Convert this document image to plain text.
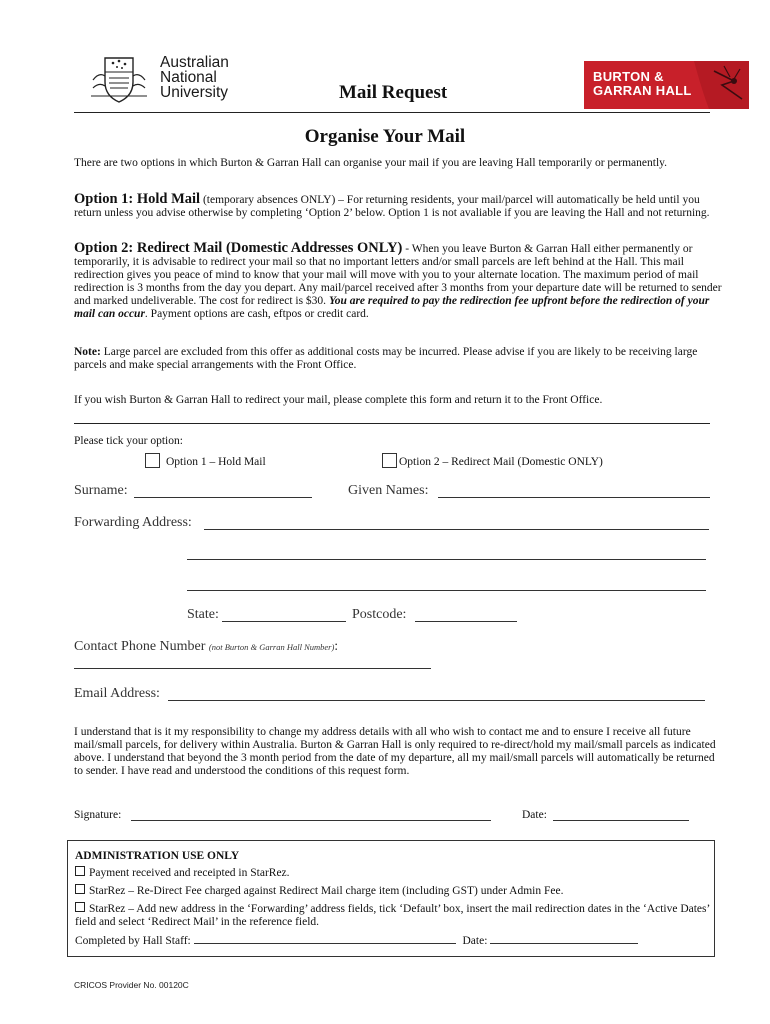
Australian
National
University	Mail Request
BURTON &
GARRAN HALL
Organise Your Mail
There are two options in which Burton & Garran Hall can organise your mail if you are leaving Hall temporarily or permanently.
Option 1: Hold Mail (temporary absences ONLY) – For returning residents, your mail/parcel will automatically be held until you return unless you advise otherwise by completing ‘Option 2’ below. Option 1 is not avaliable if you are leaving the Hall and not returning.
Option 2: Redirect Mail (Domestic Addresses ONLY) - When you leave Burton & Garran Hall either permanently or temporarily, it is advisable to redirect your mail so that no important letters and/or small parcels are left behind at the Hall. This mail redirection gives you peace of mind to know that your mail will move with you to your alternate location. The maximum period of mail redirection is 3 months from the day you depart. Any mail/parcel received after 3 months from your departure date will be returned to sender and marked undeliverable. The cost for redirect is $30. You are required to pay the redirection fee upfront before the redirection of your mail can occur. Payment options are cash, eftpos or credit card.
Note: Large parcel are excluded from this offer as additional costs may be incurred. Please advise if you are likely to be receiving large parcels and make special arrangements with the Front Office.
If you wish Burton & Garran Hall to redirect your mail, please complete this form and return it to the Front Office.
Please tick your option:
Option 1 – Hold Mail	Option 2 – Redirect Mail (Domestic ONLY)
Surname:	Given Names:
Forwarding Address:
State:	Postcode:
Contact Phone Number (not Burton & Garran Hall Number):
Email Address:
I understand that is it my responsibility to change my address details with all who wish to contact me and to ensure I receive all future mail/small parcels, for delivery within Australia. Burton & Garran Hall is only required to re-direct/hold my mail/small parcels as indicated above. I understand that beyond the 3 month period from the date of my departure, all my mail/small parcels will automatically be returned to sender. I have read and understood the conditions of this request form.
Signature:	Date:
ADMINISTRATION USE ONLY
Payment received and receipted in StarRez.
StarRez – Re-Direct Fee charged against Redirect Mail charge item (including GST) under Admin Fee.
StarRez – Add new address in the ‘Forwarding’ address fields, tick ‘Default’ box, insert the mail redirection dates in the ‘Active Dates’ field and select ‘Redirect Mail’ in the reference field.
Completed by Hall Staff:	Date:
CRICOS Provider No. 00120C
